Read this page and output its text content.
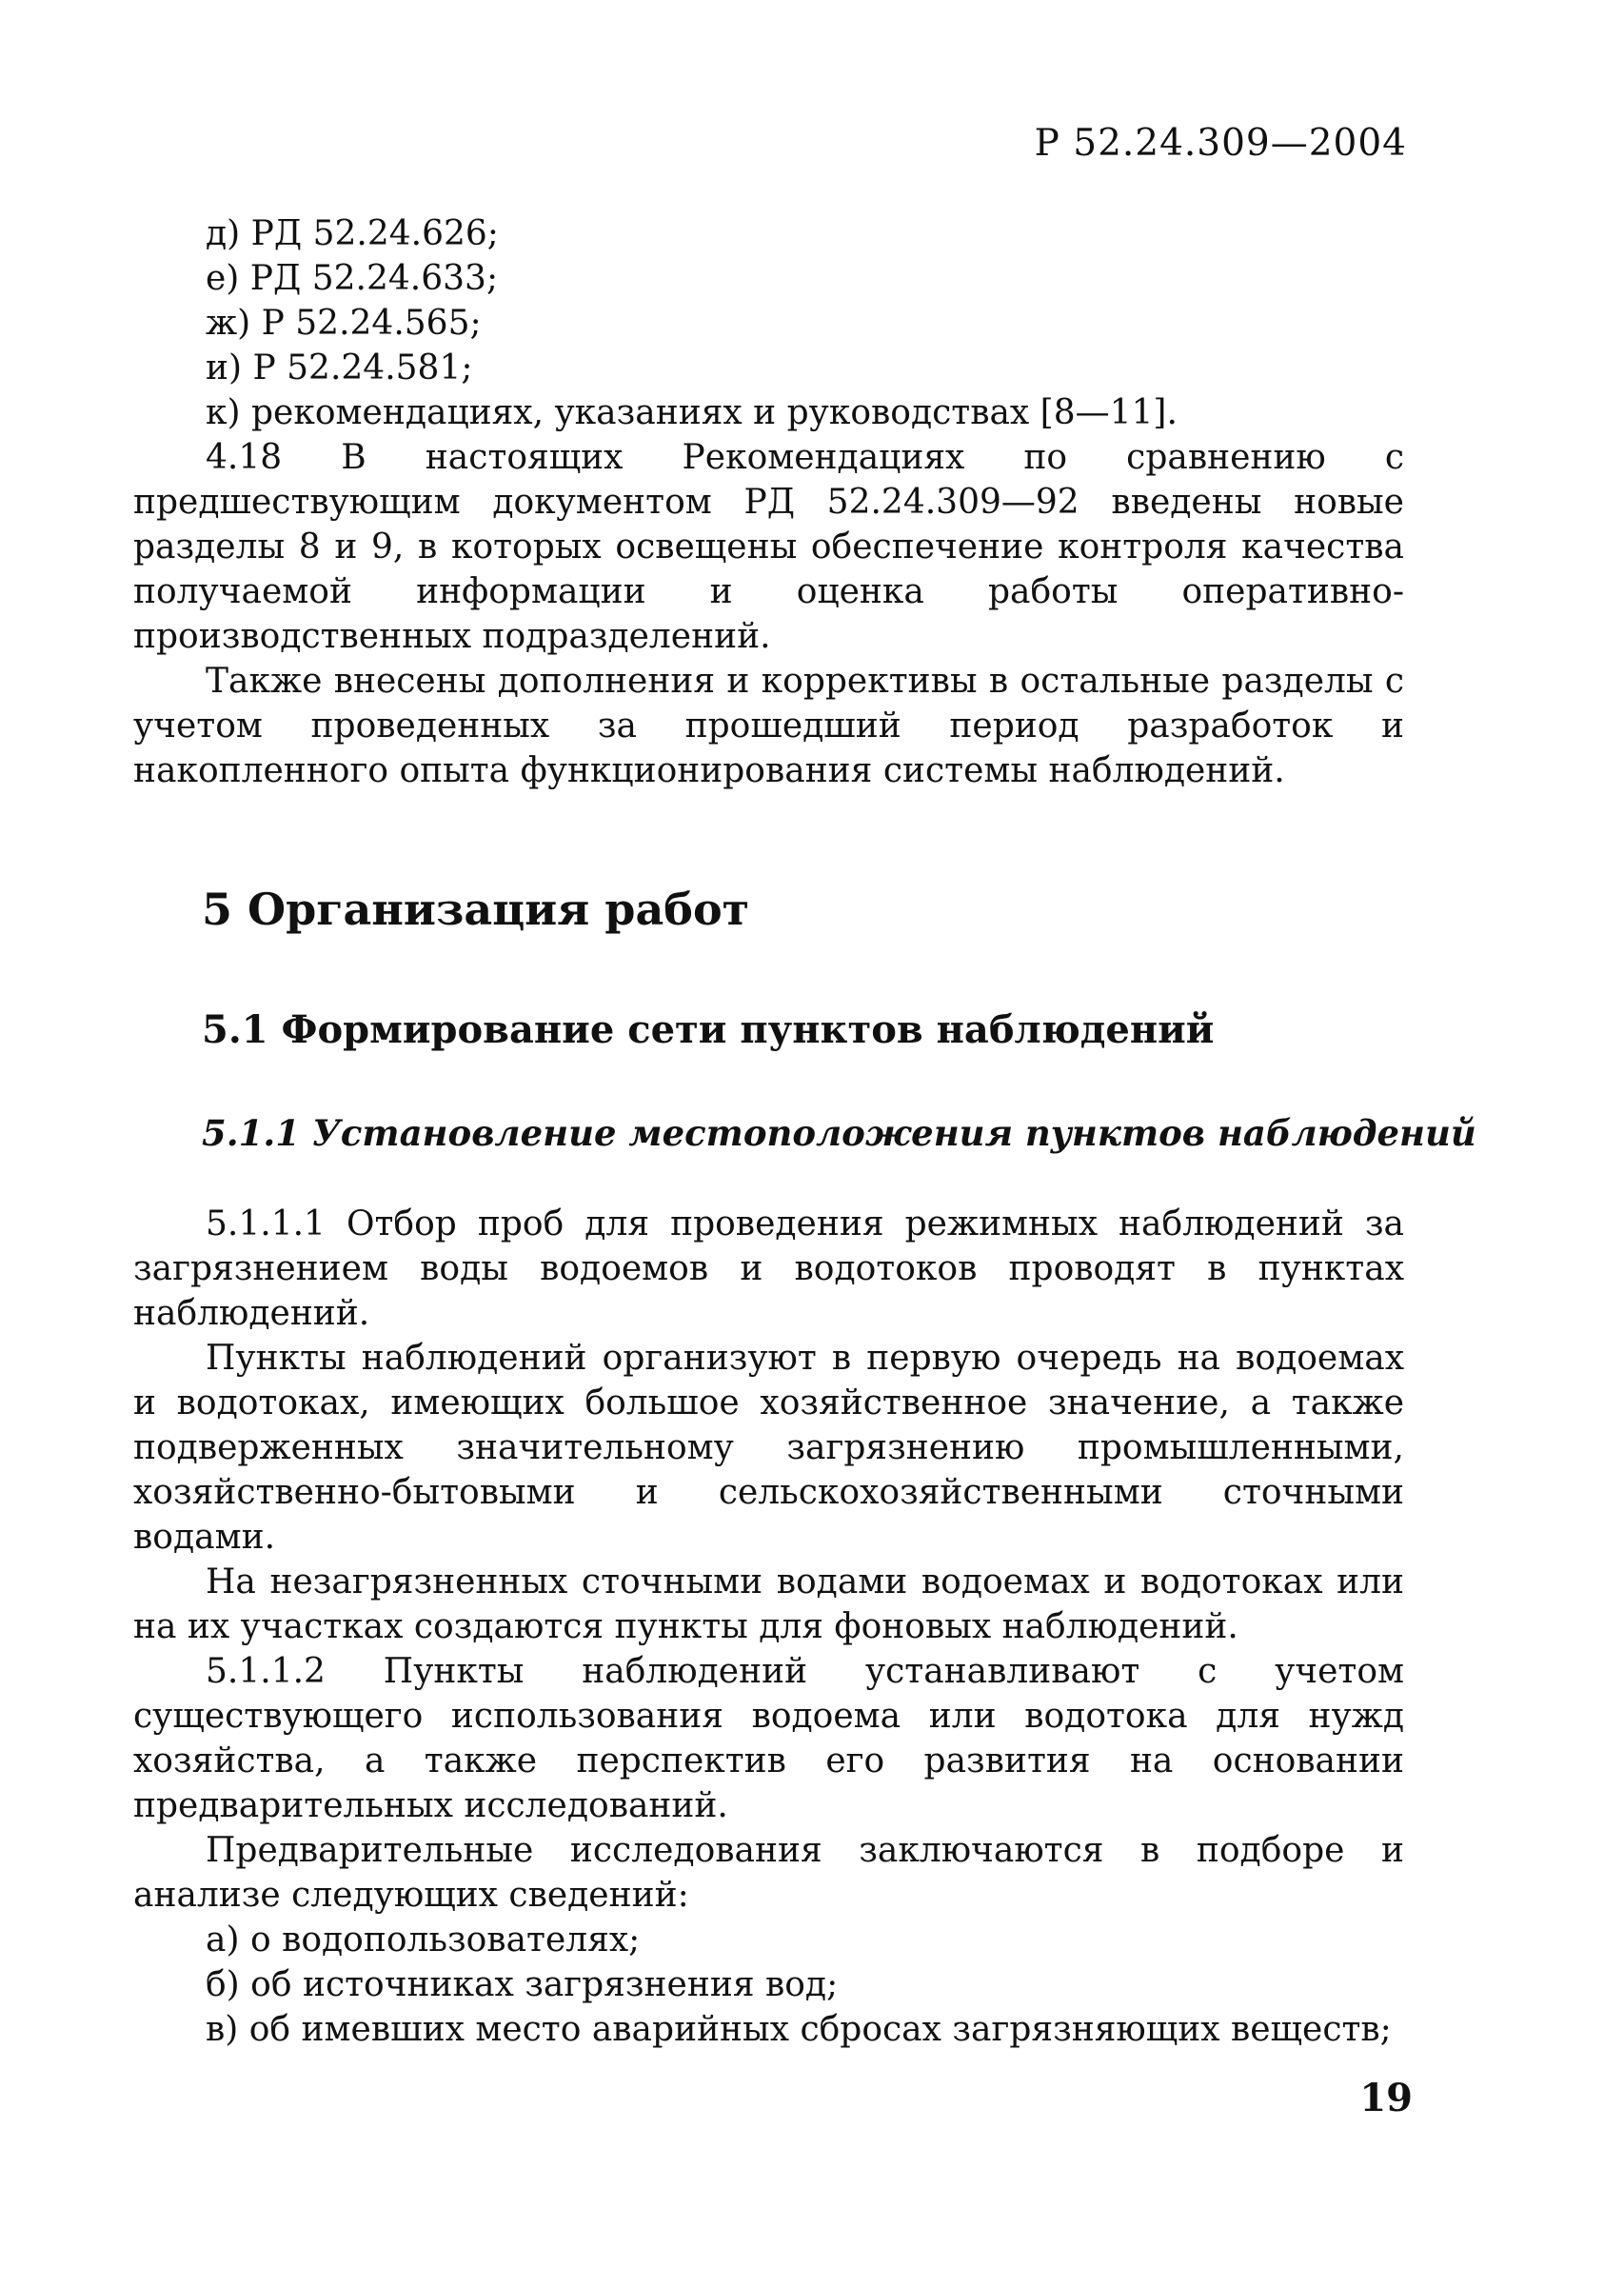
Р 52.24.309—2004

д) РД 52.24.626;

е) РД 52.24.633;

ж) Р 52.24.565;

и) Р 52.24.581;

к) рекомендациях, указаниях и руководствах [8—11].

4.18 В настоящих Рекомендациях по сравнению с предшествующим документом РД 52.24.309—92 введены новые разделы 8 и 9, в которых освещены обеспечение контроля качества получаемой информации и оценка работы оперативно-производственных подразделений.

Также внесены дополнения и коррективы в остальные разделы с учетом проведенных за прошедший период разработок и накопленного опыта функционирования системы наблюдений.

5 Организация работ
5.1 Формирование сети пунктов наблюдений
5.1.1 Установление местоположения пунктов наблюдений

5.1.1.1 Отбор проб для проведения режимных наблюдений за загрязнением воды водоемов и водотоков проводят в пунктах наблюдений.

Пункты наблюдений организуют в первую очередь на водоемах и водотоках, имеющих большое хозяйственное значение, а также подверженных значительному загрязнению промышленными, хозяйственно-бытовыми и сельскохозяйственными сточными водами.

На незагрязненных сточными водами водоемах и водотоках или на их участках создаются пункты для фоновых наблюдений.

5.1.1.2 Пункты наблюдений устанавливают с учетом существующего использования водоема или водотока для нужд хозяйства, а также перспектив его развития на основании предварительных исследований.

Предварительные исследования заключаются в подборе и анализе следующих сведений:

а) о водопользователях;

б) об источниках загрязнения вод;

в) об имевших место аварийных сбросах загрязняющих веществ;

19
